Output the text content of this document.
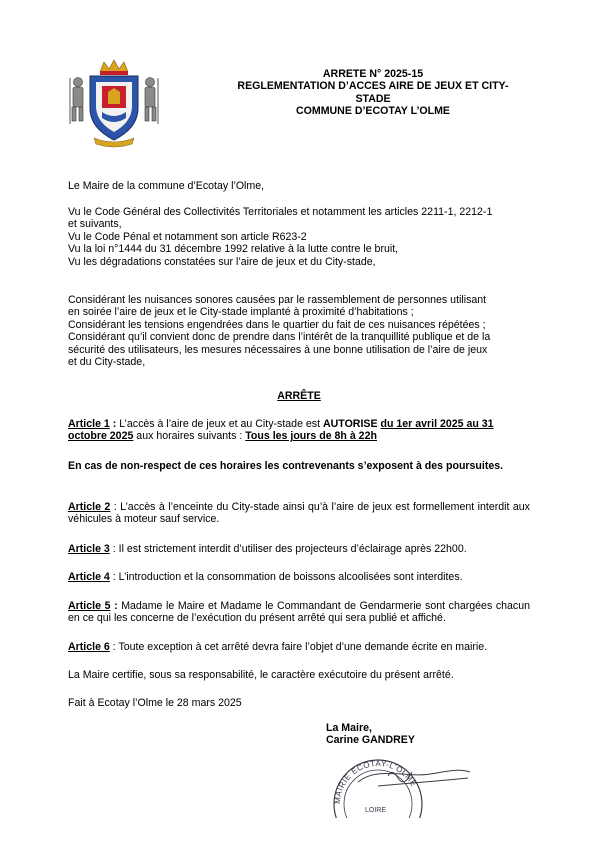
ARRETE N° 2025-15
REGLEMENTATION D’ACCES AIRE DE JEUX ET CITY-
STADE
COMMUNE D’ECOTAY L’OLME

Le Maire de la commune d’Ecotay l’Olme,

Vu le Code Général des Collectivités Territoriales et notamment les articles 2211-1, 2212-1
et suivants,
Vu le Code Pénal et notamment son article R623-2
Vu la loi n°1444 du 31 décembre 1992 relative à la lutte contre le bruit,
Vu les dégradations constatées sur l’aire de jeux et du City-stade,
Considérant les nuisances sonores causées par le rassemblement de personnes utilisant
en soirée l’aire de jeux et le City-stade implanté à proximité d’habitations ;
Considérant les tensions engendrées dans le quartier du fait de ces nuisances répétées ;
Considérant qu’il convient donc de prendre dans l’intérêt de la tranquillité publique et de la
sécurité des utilisateurs, les mesures nécessaires à une bonne utilisation de l’aire de jeux
et du City-stade,
ARRÊTE
Article 1 : L’accès à l’aire de jeux et au City-stade est AUTORISE du 1er avril 2025 au 31
octobre 2025 aux horaires suivants : Tous les jours de 8h à 22h
En cas de non-respect de ces horaires les contrevenants s’exposent à des poursuites.
Article 2 : L’accès à l’enceinte du City-stade ainsi qu’à l’aire de jeux est formellement interdit aux véhicules à moteur sauf service.
Article 3 : Il est strictement interdit d’utiliser des projecteurs d’éclairage après 22h00.
Article 4 : L’introduction et la consommation de boissons alcoolisées sont interdites.
Article 5 : Madame le Maire et Madame le Commandant de Gendarmerie sont chargées chacun en ce qui les concerne de l’exécution du présent arrêté qui sera publié et affiché.
Article 6 : Toute exception à cet arrêté devra faire l’objet d’une demande écrite en mairie.
La Maire certifie, sous sa responsabilité, le caractère exécutoire du présent arrêté.
Fait à Ecotay l’Olme le 28 mars 2025
La Maire,
Carine GANDREY
MAIRIE ECOTAY-L’OLME
LOIRE
